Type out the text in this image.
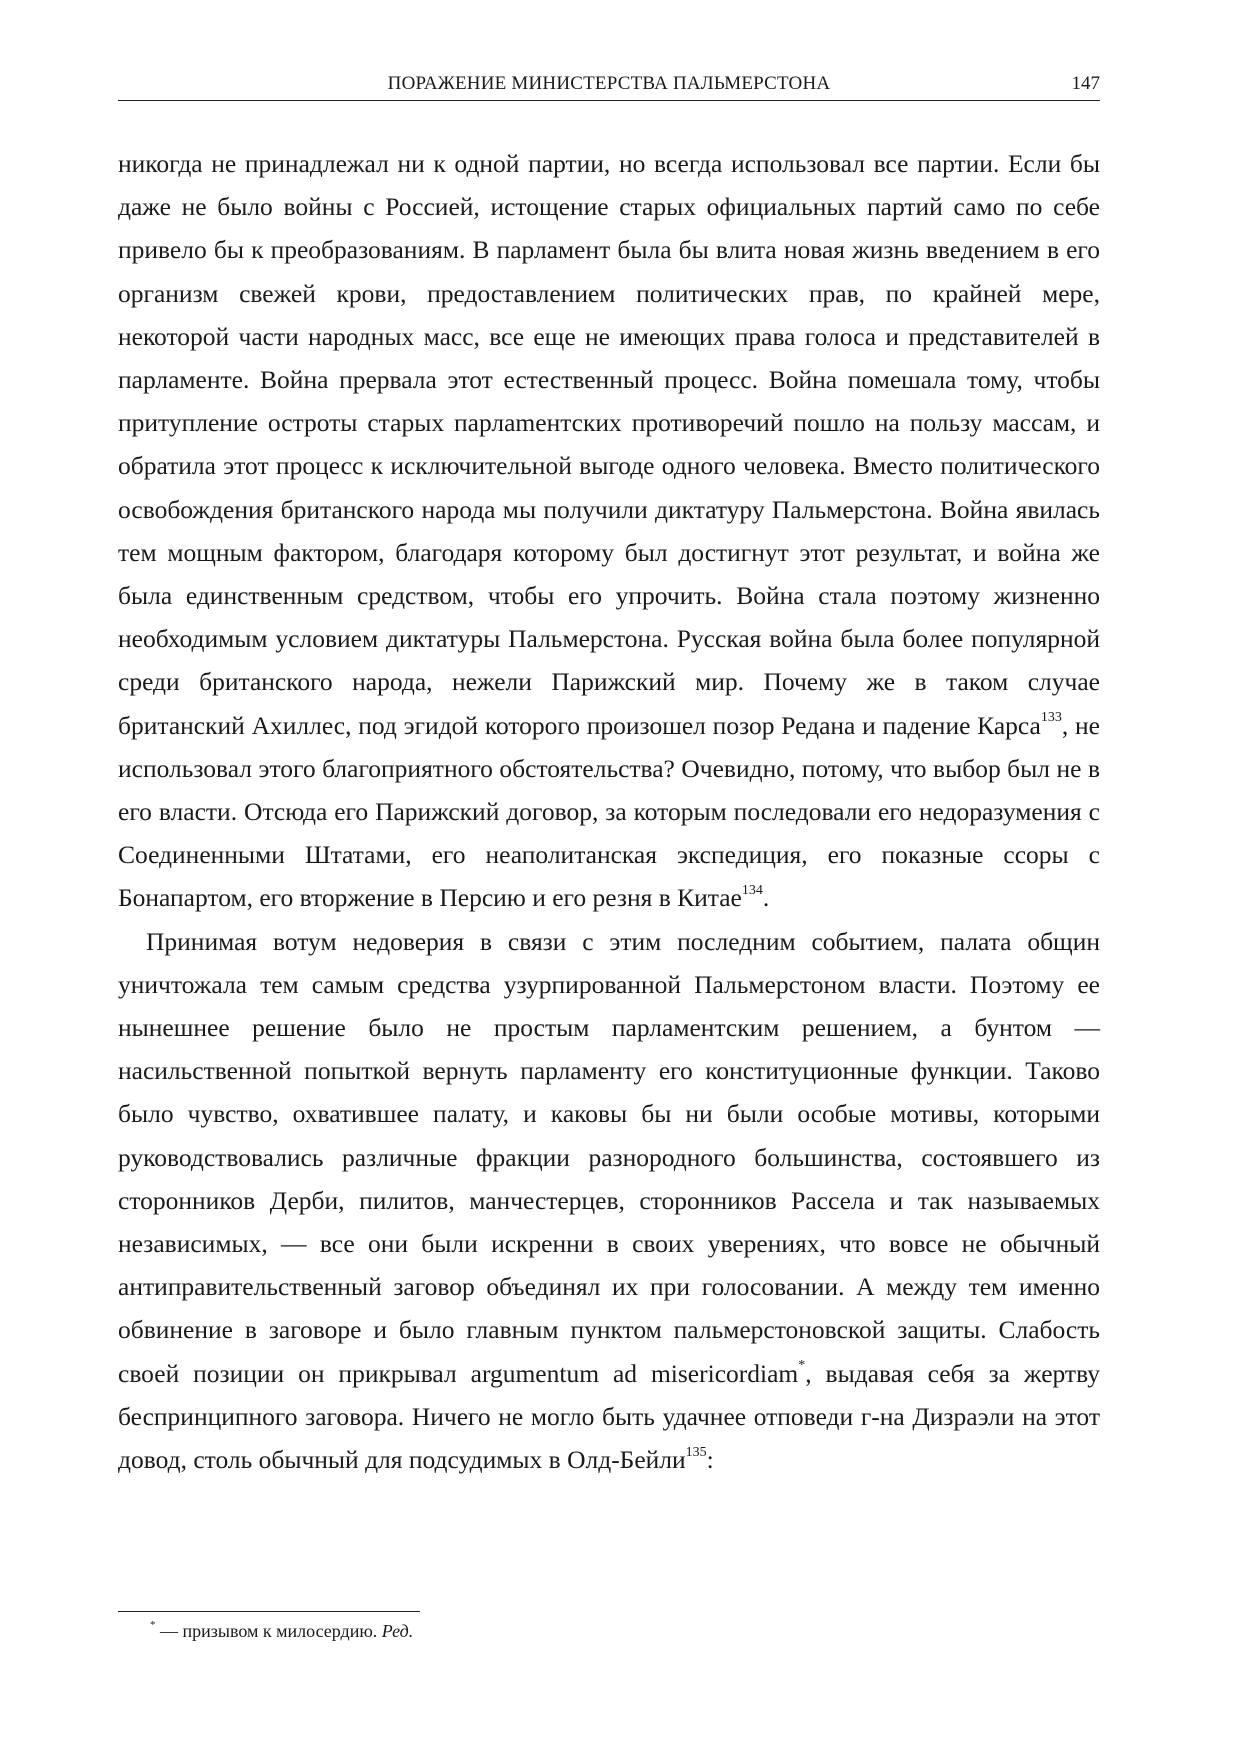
ПОРАЖЕНИЕ МИНИСТЕРСТВА ПАЛЬМЕРСТОНА	147

никогда не принадлежал ни к одной партии, но всегда использовал все партии. Если бы даже не было войны с Россией, истощение старых официальных партий само по себе привело бы к преобразованиям. В парламент была бы влита новая жизнь введением в его организм свежей крови, предоставлением политических прав, по крайней мере, некоторой части народных масс, все еще не имеющих права голоса и представителей в парламенте. Война прервала этот естественный процесс. Война помешала тому, чтобы притупление остроты старых парлаmентских противоречий пошло на пользу массам, и обратила этот процесс к исключительной выгоде одного человека. Вместо политического освобождения британского народа мы получили диктатуру Пальмерстона. Война явилась тем мощным фактором, благодаря которому был достигнут этот результат, и война же была единственным средством, чтобы его упрочить. Война стала поэтому жизненно необходимым условием диктатуры Пальмерстона. Русская война была более популярной среди британского народа, нежели Парижский мир. Почему же в таком случае британский Ахиллес, под эгидой которого произошел позор Редана и падение Карса$^{133}$, не использовал этого благоприятного обстоятельства? Очевидно, потому, что выбор был не в его власти. Отсюда его Парижский договор, за которым последовали его недоразумения с Соединенными Штатами, его неаполитанская экспедиция, его показные ссоры с Бонапартом, его вторжение в Персию и его резня в Китае$^{134}$.

Принимая вотум недоверия в связи с этим последним событием, палата общин уничтожала тем самым средства узурпированной Пальмерстоном власти. Поэтому ее нынешнее решение было не простым парламентским решением, а бунтом — насильственной попыткой вернуть парламенту его конституционные функции. Таково было чувство, охватившее палату, и каковы бы ни были особые мотивы, которыми руководствовались различные фракции разнородного большинства, состоявшего из сторонников Дерби, пилитов, манчестерцев, сторонников Рассела и так называемых независимых, — все они были искренни в своих уверениях, что вовсе не обычный антиправительственный заговор объединял их при голосовании. А между тем именно обвинение в заговоре и было главным пунктом пальмерстоновской защиты. Слабость своей позиции он прикрывал argumentum ad misericordiam*, выдавая себя за жертву беспринципного заговора. Ничего не могло быть удачнее отповеди г-на Дизраэли на этот довод, столь обычный для подсудимых в Олд-Бейли$^{135}$:

* — призывом к милосердию. Ред.
